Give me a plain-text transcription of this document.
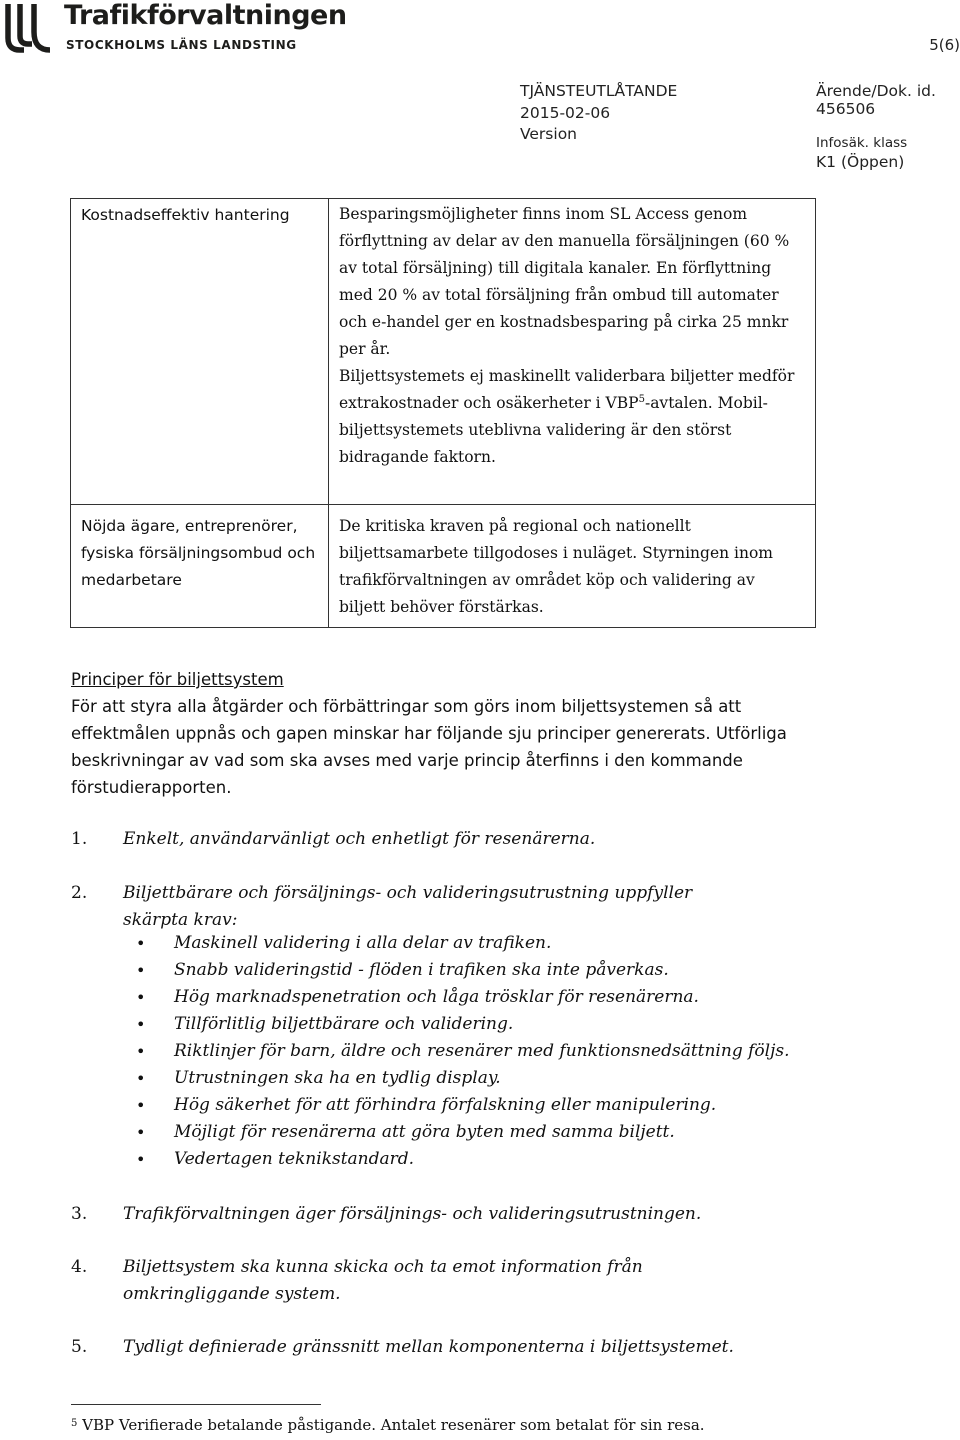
Trafikförvaltningen
STOCKHOLMS LÄNS LANDSTING	5(6)
TJÄNSTEUTLÅTANDE
2015-02-06
Version
Ärende/Dok. id.
456506
Infosäk. klass
K1 (Öppen)
Kostnadseffektiv hantering	Besparingsmöjligheter finns inom SL Access genom förflyttning av delar av den manuella försäljningen (60 % av total försäljning) till digitala kanaler. En förflyttning med 20 % av total försäljning från ombud till automater och e-handel ger en kostnadsbesparing på cirka 25 mnkr per år.

Biljettsystemets ej maskinellt validerbara biljetter medför extrakostnader och osäkerheter i VBP$^5$-avtalen. Mobil-biljettsystemets uteblivna validering är den störst bidragande faktorn.

Nöjda ägare, entreprenörer, fysiska försäljningsombud och medarbetare	De kritiska kraven på regional och nationellt biljettsamarbete tillgodoses i nuläget. Styrningen inom trafikförvaltningen av området köp och validering av biljett behöver förstärkas.

Principer för biljettsystem
För att styra alla åtgärder och förbättringar som görs inom biljettsystemen så att effektmålen uppnås och gapen minskar har följande sju principer genererats. Utförliga beskrivningar av vad som ska avses med varje princip återfinns i den kommande förstudierapporten.
1. Enkelt, användarvänligt och enhetligt för resenärerna.
2. Biljettbärare och försäljnings- och valideringsutrustning uppfyller
skärpta krav:
• Maskinell validering i alla delar av trafiken.
• Snabb valideringstid - flöden i trafiken ska inte påverkas.
• Hög marknadspenetration och låga trösklar för resenärerna.
• Tillförlitlig biljettbärare och validering.
• Riktlinjer för barn, äldre och resenärer med funktionsnedsättning följs.
• Utrustningen ska ha en tydlig display.
• Hög säkerhet för att förhindra förfalskning eller manipulering.
• Möjligt för resenärerna att göra byten med samma biljett.
• Vedertagen teknikstandard.
3. Trafikförvaltningen äger försäljnings- och valideringsutrustningen.
4. Biljettsystem ska kunna skicka och ta emot information från
omkringliggande system.
5. Tydligt definierade gränssnitt mellan komponenterna i biljettsystemet.
$^5$ VBP Verifierade betalande påstigande. Antalet resenärer som betalat för sin resa.
